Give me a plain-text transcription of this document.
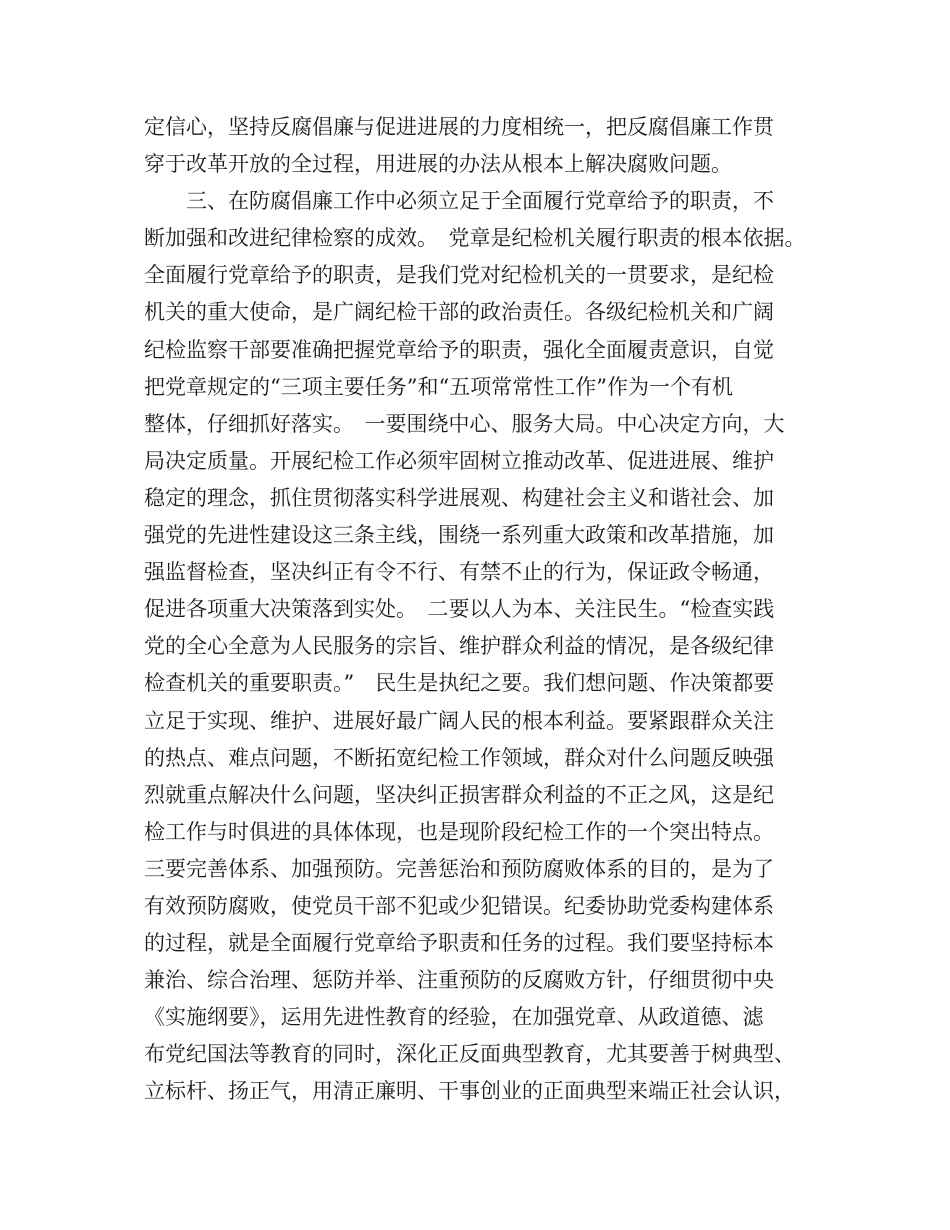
定信心，坚持反腐倡廉与促进进展的力度相统一，把反腐倡廉工作贯
穿于改革开放的全过程，用进展的办法从根本上解决腐败问题。
　　三、在防腐倡廉工作中必须立足于全面履行党章给予的职责，不
断加强和改进纪律检察的成效。　党章是纪检机关履行职责的根本依据。
全面履行党章给予的职责，是我们党对纪检机关的一贯要求，是纪检
机关的重大使命，是广阔纪检干部的政治责任。各级纪检机关和广阔
纪检监察干部要准确把握党章给予的职责，强化全面履责意识，自觉
把党章规定的“三项主要任务”和“五项常常性工作”作为一个有机
整体，仔细抓好落实。　一要围绕中心、服务大局。中心决定方向，大
局决定质量。开展纪检工作必须牢固树立推动改革、促进进展、维护
稳定的理念，抓住贯彻落实科学进展观、构建社会主义和谐社会、加
强党的先进性建设这三条主线，围绕一系列重大政策和改革措施，加
强监督检查，坚决纠正有令不行、有禁不止的行为，保证政令畅通，
促进各项重大决策落到实处。　二要以人为本、关注民生。“检查实践
党的全心全意为人民服务的宗旨、维护群众利益的情况，是各级纪律
检查机关的重要职责。”　民生是执纪之要。我们想问题、作决策都要
立足于实现、维护、进展好最广阔人民的根本利益。要紧跟群众关注
的热点、难点问题，不断拓宽纪检工作领域，群众对什么问题反映强
烈就重点解决什么问题，坚决纠正损害群众利益的不正之风，这是纪
检工作与时俱进的具体体现，也是现阶段纪检工作的一个突出特点。
三要完善体系、加强预防。完善惩治和预防腐败体系的目的，是为了
有效预防腐败，使党员干部不犯或少犯错误。纪委协助党委构建体系
的过程，就是全面履行党章给予职责和任务的过程。我们要坚持标本
兼治、综合治理、惩防并举、注重预防的反腐败方针，仔细贯彻中央
《实施纲要》，运用先进性教育的经验，在加强党章、从政道德、滤
布党纪国法等教育的同时，深化正反面典型教育，尤其要善于树典型、
立标杆、扬正气，用清正廉明、干事创业的正面典型来端正社会认识，
